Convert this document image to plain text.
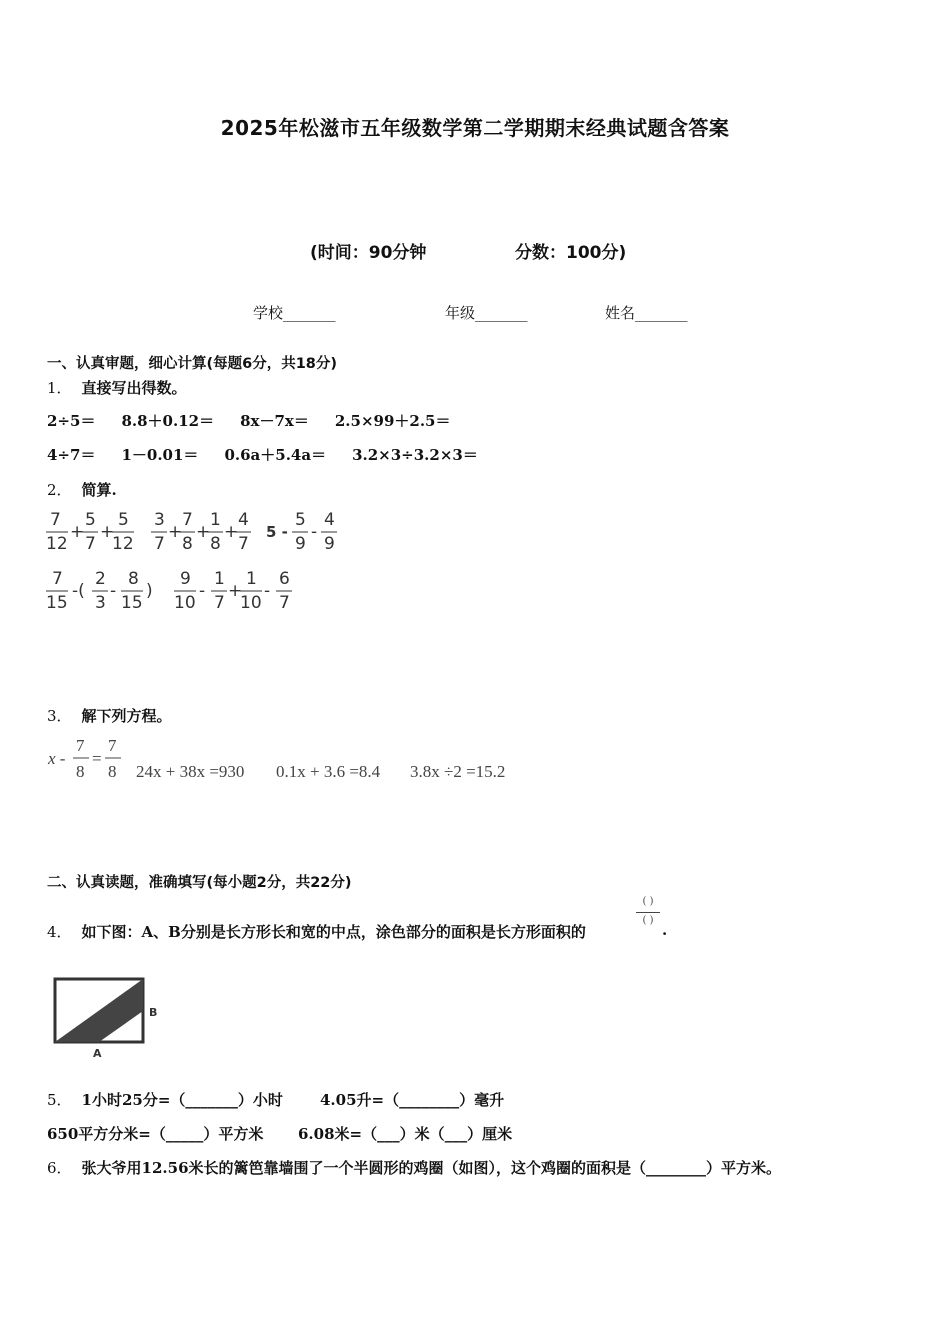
2025年松滋市五年级数学第二学期期末经典试题含答案
(时间：90分钟	分数：100分)
学校_______	年级_______	姓名_______
一、认真审题，细心计算(每题6分，共18分)
1． 直接写出得数。
2÷5＝ 8.8＋0.12＝ 8x－7x＝ 2.5×99＋2.5＝
4÷7＝ 1－0.01＝ 0.6a＋5.4a＝ 3.2×3÷3.2×3＝
2． 简算.
7
12
+
5
7
+
5
12
3
7
+
7
8
+
1
8
+
4
7
5 -
5
9
-
4
9
7
15
-(
2
3
-
8
15
)
9
10
-
1
7
+
1
10
-
6
7
3． 解下列方程。
x -
7
8
=
7
8 24x + 38x =930 0.1x + 3.6 =8.4 3.8x ÷2 =15.2
二、认真读题，准确填写(每小题2分，共22分)
4． 如下图：A、B分别是长方形长和宽的中点，涂色部分的面积是长方形面积的
( )
( )
.
B
A
5． 1小时25分=（_______）小时 4.05升=（________）毫升
650平方分米=（_____）平方米 6.08米=（___）米（___）厘米
6． 张大爷用12.56米长的篱笆靠墙围了一个半圆形的鸡圈（如图），这个鸡圈的面积是（________）平方米。
